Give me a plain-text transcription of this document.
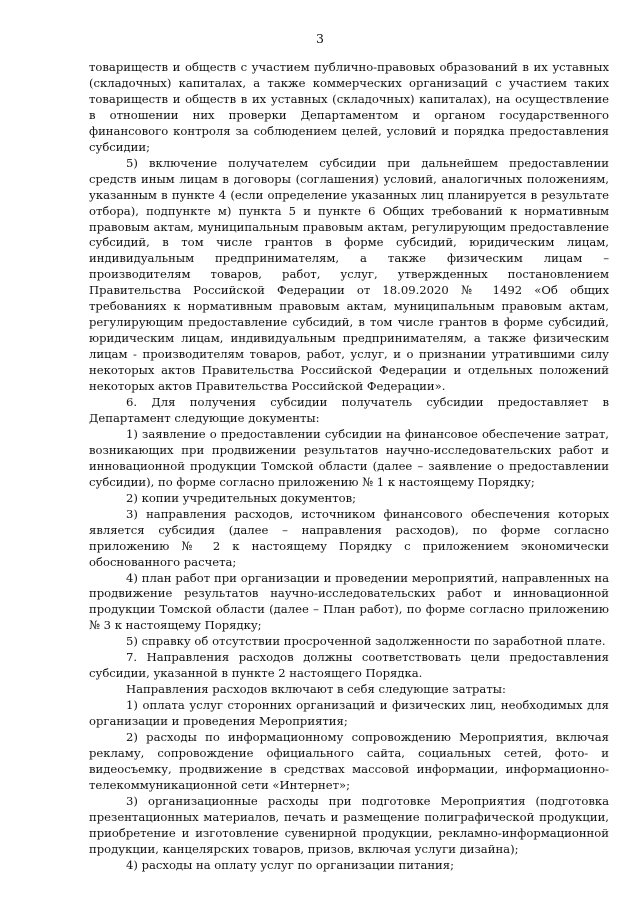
3

товариществ и обществ с участием публично-правовых образований в их уставных (складочных) капиталах, а также коммерческих организаций с участием таких товариществ и обществ в их уставных (складочных) капиталах), на осуществление в отношении них проверки Департаментом и органом государственного финансового контроля за соблюдением целей, условий и порядка предоставления субсидии;

5) включение получателем субсидии при дальнейшем предоставлении средств иным лицам в договоры (соглашения) условий, аналогичных положениям, указанным в пункте 4 (если определение указанных лиц планируется в результате отбора), подпункте м) пункта 5 и пункте 6 Общих требований к нормативным правовым актам, муниципальным правовым актам, регулирующим предоставление субсидий, в том числе грантов в форме субсидий, юридическим лицам, индивидуальным предпринимателям, а также физическим лицам – производителям товаров, работ, услуг, утвержденных постановлением Правительства Российской Федерации от 18.09.2020 № 1492 «Об общих требованиях к нормативным правовым актам, муниципальным правовым актам, регулирующим предоставление субсидий, в том числе грантов в форме субсидий, юридическим лицам, индивидуальным предпринимателям, а также физическим лицам - производителям товаров, работ, услуг, и о признании утратившими силу некоторых актов Правительства Российской Федерации и отдельных положений некоторых актов Правительства Российской Федерации».

6. Для получения субсидии получатель субсидии предоставляет в Департамент следующие документы:

1) заявление о предоставлении субсидии на финансовое обеспечение затрат, возникающих при продвижении результатов научно-исследовательских работ и инновационной продукции Томской области (далее – заявление о предоставлении субсидии), по форме согласно приложению № 1 к настоящему Порядку;

2) копии учредительных документов;

3) направления расходов, источником финансового обеспечения которых является субсидия (далее – направления расходов), по форме согласно приложению № 2 к настоящему Порядку с приложением экономически обоснованного расчета;

4) план работ при организации и проведении мероприятий, направленных на продвижение результатов научно-исследовательских работ и инновационной продукции Томской области (далее – План работ), по форме согласно приложению № 3 к настоящему Порядку;

5) справку об отсутствии просроченной задолженности по заработной плате.

7. Направления расходов должны соответствовать цели предоставления субсидии, указанной в пункте 2 настоящего Порядка.

Направления расходов включают в себя следующие затраты:

1) оплата услуг сторонних организаций и физических лиц, необходимых для организации и проведения Мероприятия;

2) расходы по информационному сопровождению Мероприятия, включая рекламу, сопровождение официального сайта, социальных сетей, фото- и видеосъемку, продвижение в средствах массовой информации, информационно-телекоммуникационной сети «Интернет»;

3) организационные расходы при подготовке Мероприятия (подготовка презентационных материалов, печать и размещение полиграфической продукции, приобретение и изготовление сувенирной продукции, рекламно-информационной продукции, канцелярских товаров, призов, включая услуги дизайна);

4) расходы на оплату услуг по организации питания;
